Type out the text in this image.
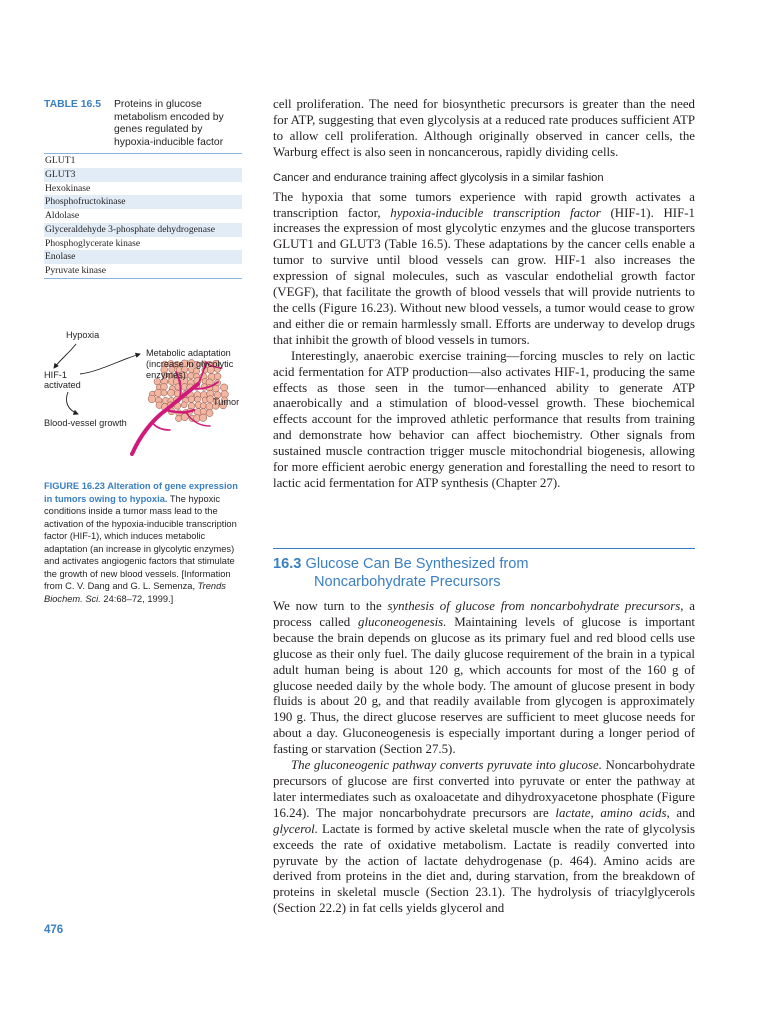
TABLE 16.5	Proteins in glucose metabolism encoded by genes regulated by hypoxia-inducible factor
GLUT1
GLUT3
Hexokinase
Phosphofructokinase
Aldolase
Glyceraldehyde 3-phosphate dehydrogenase
Phosphoglycerate kinase
Enolase
Pyruvate kinase
Hypoxia
HIF-1
activated
Metabolic adaptation
(increase in glycolytic
enzymes)
Tumor
Blood-vessel growth
FIGURE 16.23 Alteration of gene expression in tumors owing to hypoxia. The hypoxic conditions inside a tumor mass lead to the activation of the hypoxia-inducible transcription factor (HIF-1), which induces metabolic adaptation (an increase in glycolytic enzymes) and activates angiogenic factors that stimulate the growth of new blood vessels. [Information from C. V. Dang and G. L. Semenza, Trends Biochem. Sci. 24:68–72, 1999.]
476

cell proliferation. The need for biosynthetic precursors is greater than the need for ATP, suggesting that even glycolysis at a reduced rate produces sufficient ATP to allow cell proliferation. Although originally observed in cancer cells, the Warburg effect is also seen in noncancerous, rapidly dividing cells.

Cancer and endurance training affect glycolysis in a similar fashion

The hypoxia that some tumors experience with rapid growth activates a transcription factor, hypoxia-inducible transcription factor (HIF-1). HIF-1 increases the expression of most glycolytic enzymes and the glucose transporters GLUT1 and GLUT3 (Table 16.5). These adaptations by the cancer cells enable a tumor to survive until blood vessels can grow. HIF-1 also increases the expression of signal molecules, such as vascular endothelial growth factor (VEGF), that facilitate the growth of blood vessels that will provide nutrients to the cells (Figure 16.23). Without new blood vessels, a tumor would cease to grow and either die or remain harmlessly small. Efforts are underway to develop drugs that inhibit the growth of blood vessels in tumors.

Interestingly, anaerobic exercise training—forcing muscles to rely on lactic acid fermentation for ATP production—also activates HIF-1, producing the same effects as those seen in the tumor—enhanced ability to generate ATP anaerobically and a stimulation of blood-vessel growth. These biochemical effects account for the improved athletic performance that results from training and demonstrate how behavior can affect biochemistry. Other signals from sustained muscle contraction trigger muscle mitochondrial biogenesis, allowing for more efficient aerobic energy generation and forestalling the need to resort to lactic acid fermentation for ATP synthesis (Chapter 27).

16.3 Glucose Can Be Synthesized from
Noncarbohydrate Precursors

We now turn to the synthesis of glucose from noncarbohydrate precursors, a process called gluconeogenesis. Maintaining levels of glucose is important because the brain depends on glucose as its primary fuel and red blood cells use glucose as their only fuel. The daily glucose requirement of the brain in a typical adult human being is about 120 g, which accounts for most of the 160 g of glucose needed daily by the whole body. The amount of glucose present in body fluids is about 20 g, and that readily available from glycogen is approximately 190 g. Thus, the direct glucose reserves are sufficient to meet glucose needs for about a day. Gluconeogenesis is especially important during a longer period of fasting or starvation (Section 27.5).

The gluconeogenic pathway converts pyruvate into glucose. Noncarbohydrate precursors of glucose are first converted into pyruvate or enter the pathway at later intermediates such as oxaloacetate and dihydroxyacetone phosphate (Figure 16.24). The major noncarbohydrate precursors are lactate, amino acids, and glycerol. Lactate is formed by active skeletal muscle when the rate of glycolysis exceeds the rate of oxidative metabolism. Lactate is readily converted into pyruvate by the action of lactate dehydrogenase (p. 464). Amino acids are derived from proteins in the diet and, during starvation, from the breakdown of proteins in skeletal muscle (Section 23.1). The hydrolysis of triacylglycerols (Section 22.2) in fat cells yields glycerol and
